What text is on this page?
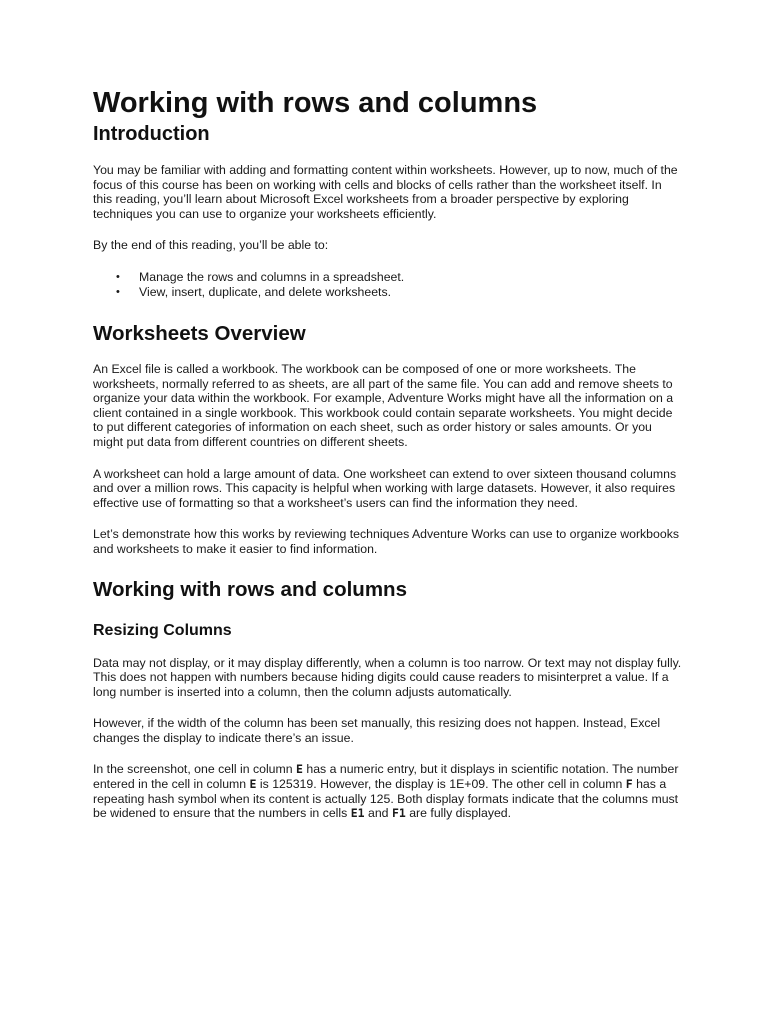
Working with rows and columns
Introduction

You may be familiar with adding and formatting content within worksheets. However, up to now, much of the focus of this course has been on working with cells and blocks of cells rather than the worksheet itself. In this reading, you’ll learn about Microsoft Excel worksheets from a broader perspective by exploring techniques you can use to organize your worksheets efficiently.

By the end of this reading, you’ll be able to:

• Manage the rows and columns in a spreadsheet.
• View, insert, duplicate, and delete worksheets.
Worksheets Overview

An Excel file is called a workbook. The workbook can be composed of one or more worksheets. The worksheets, normally referred to as sheets, are all part of the same file. You can add and remove sheets to organize your data within the workbook. For example, Adventure Works might have all the information on a client contained in a single workbook. This workbook could contain separate worksheets. You might decide to put different categories of information on each sheet, such as order history or sales amounts. Or you might put data from different countries on different sheets.

A worksheet can hold a large amount of data. One worksheet can extend to over sixteen thousand columns and over a million rows. This capacity is helpful when working with large datasets. However, it also requires effective use of formatting so that a worksheet’s users can find the information they need.

Let’s demonstrate how this works by reviewing techniques Adventure Works can use to organize workbooks and worksheets to make it easier to find information.

Working with rows and columns
Resizing Columns

Data may not display, or it may display differently, when a column is too narrow. Or text may not display fully. This does not happen with numbers because hiding digits could cause readers to misinterpret a value. If a long number is inserted into a column, then the column adjusts automatically.

However, if the width of the column has been set manually, this resizing does not happen. Instead, Excel changes the display to indicate there’s an issue.

In the screenshot, one cell in column E has a numeric entry, but it displays in scientific notation. The number entered in the cell in column E is 125319. However, the display is 1E+09. The other cell in column F has a repeating hash symbol when its content is actually 125. Both display formats indicate that the columns must be widened to ensure that the numbers in cells E1 and F1 are fully displayed.
